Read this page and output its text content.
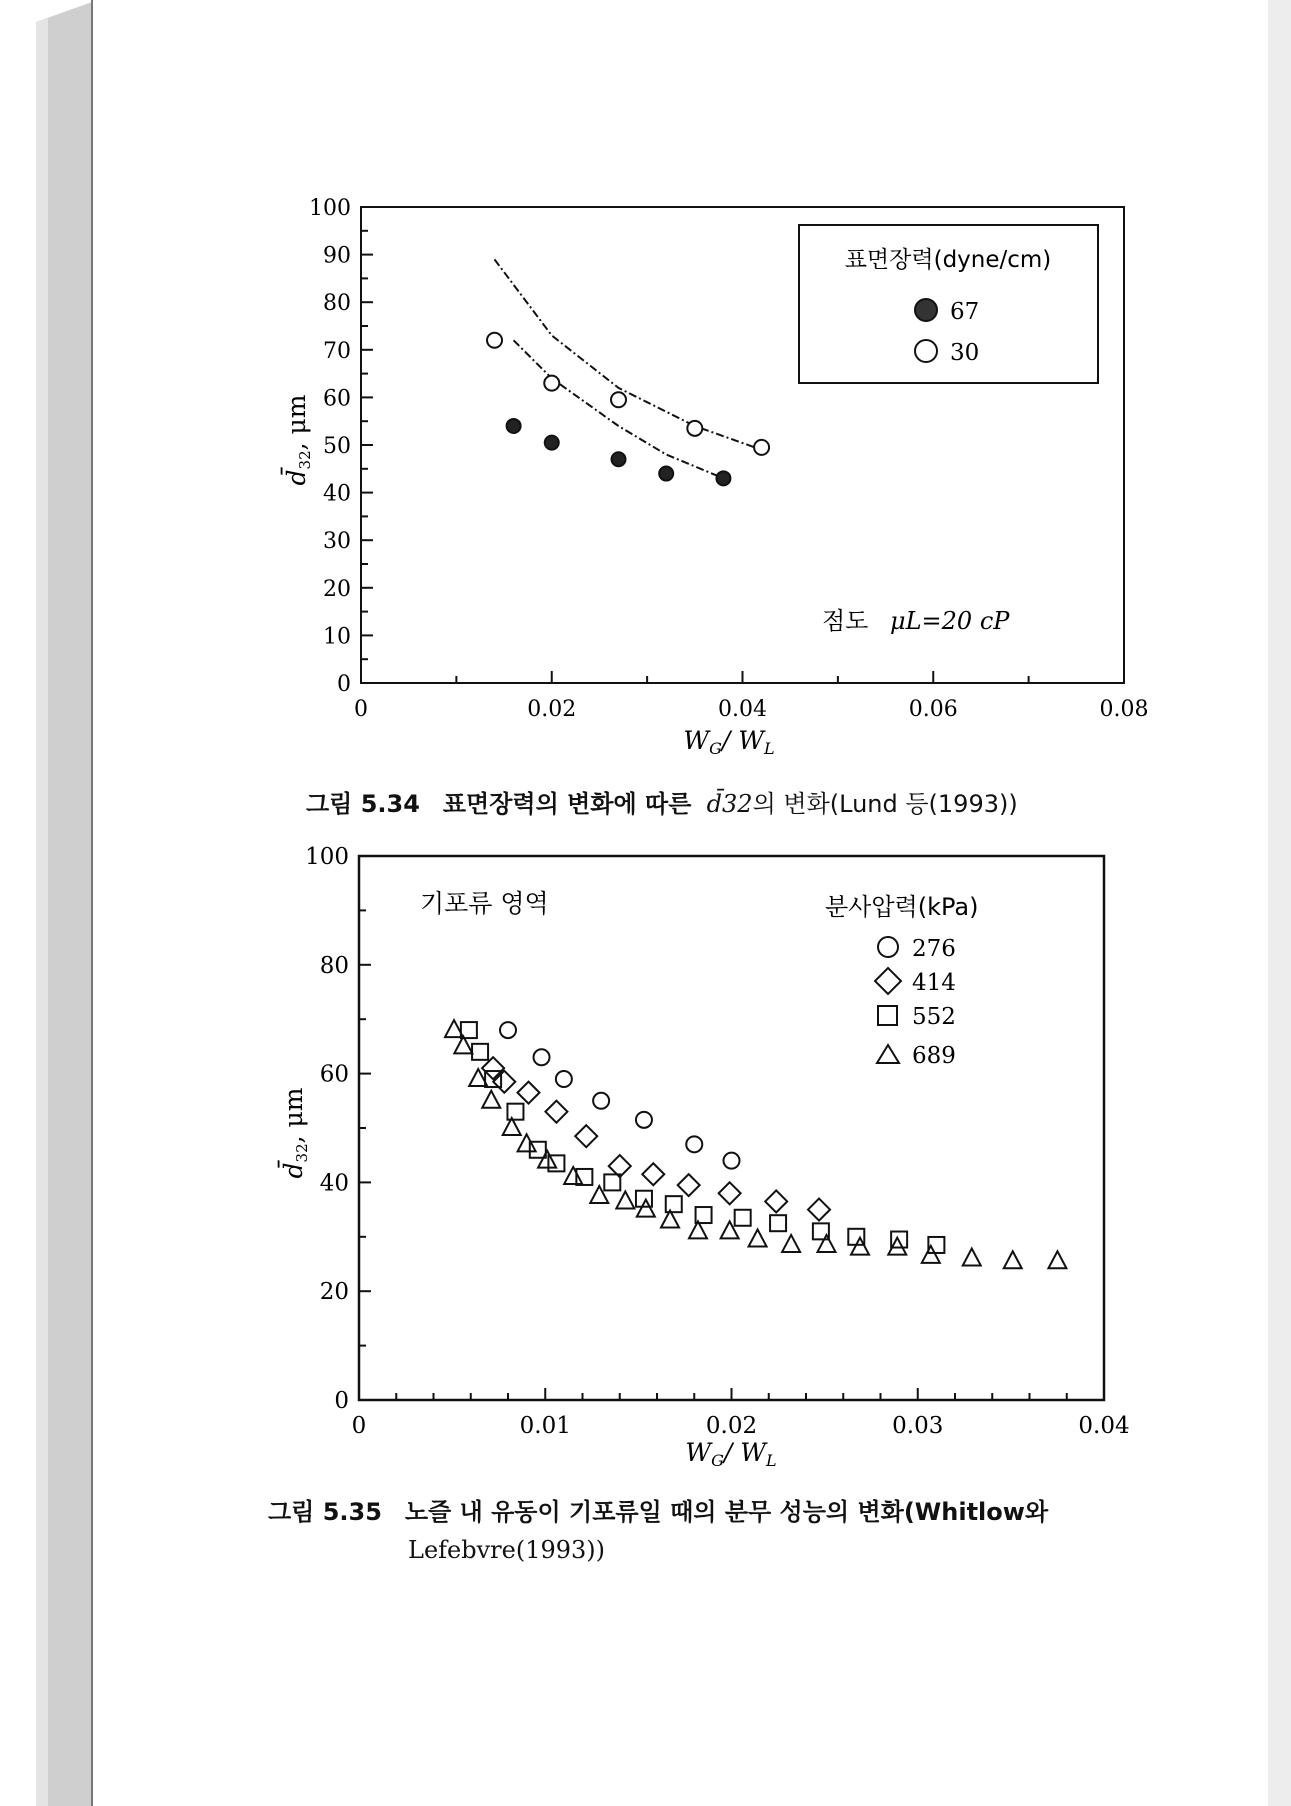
0
10
20
30
40
50
60
70
80
90
100
0	0.02	0.04	0.06	0.08
표면장력(dyne/cm)
67
30
점도 μL=20 cP
$W_G/$ $W_L$
$d̄_{32}$, μm
0
20
40
60
80
100
0	0.01	0.02	0.03	0.04
기포류 영역	분사압력(kPa)
276
414
552
689
$W_G/$ $W_L$
$d̄_{32}$, μm
그림 5.34 표면장력의 변화에 따른 d̄32의 변화(Lund 등(1993))
그림 5.35 노즐 내 유동이 기포류일 때의 분무 성능의 변화(Whitlow와
Lefebvre(1993))
